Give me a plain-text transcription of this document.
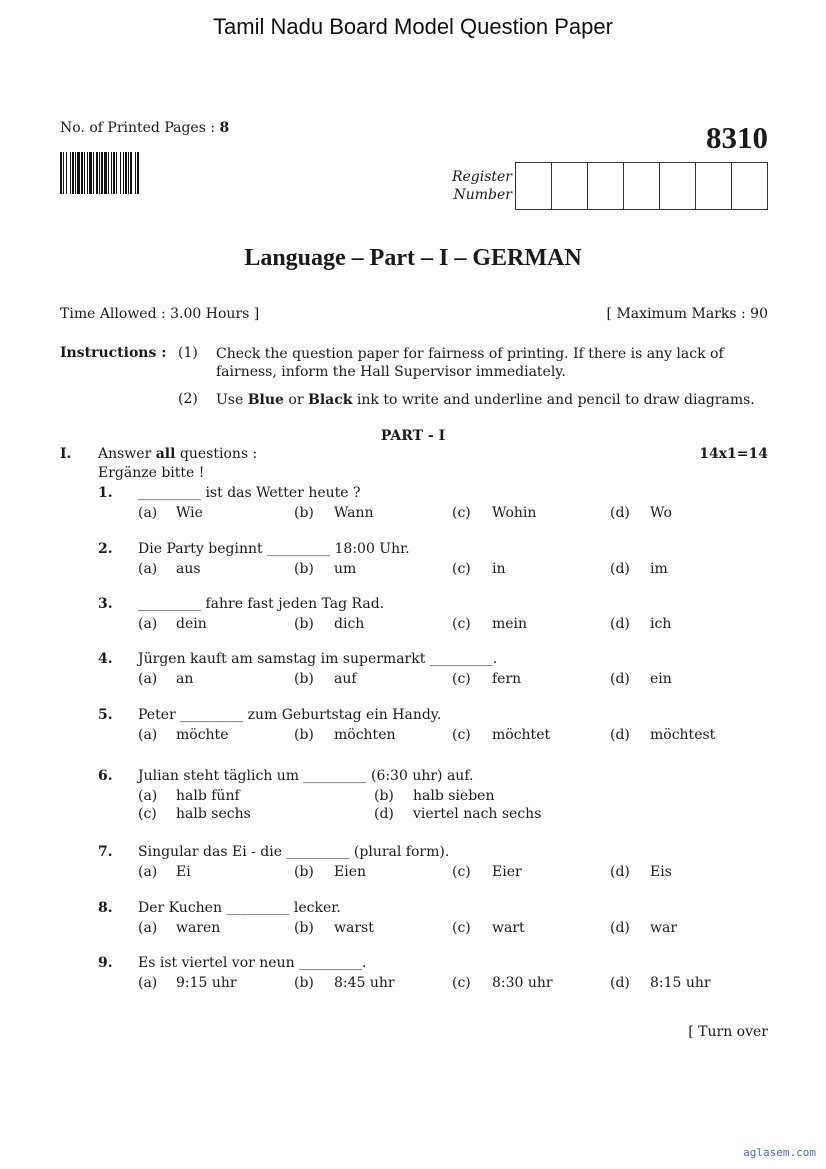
Tamil Nadu Board Model Question Paper
No. of Printed Pages : 8	8310
Register
Number
Language – Part – I – GERMAN
Time Allowed : 3.00 Hours ]	[ Maximum Marks : 90
Instructions : (1) Check the question paper for fairness of printing. If there is any lack of fairness, inform the Hall Supervisor immediately.
(2) Use Blue or Black ink to write and underline and pencil to draw diagrams.
PART - I
I. Answer all questions :	14x1=14
Ergänze bitte !
1. _________ ist das Wetter heute ?
(a) Wie	(b) Wann	(c) Wohin	(d) Wo
2. Die Party beginnt _________ 18:00 Uhr.
(a) aus	(b) um	(c) in	(d) im
3. _________ fahre fast jeden Tag Rad.
(a) dein	(b) dich	(c) mein	(d) ich
4. Jürgen kauft am samstag im supermarkt _________.
(a) an	(b) auf	(c) fern	(d) ein
5. Peter _________ zum Geburtstag ein Handy.
(a) möchte	(b) möchten	(c) möchtet	(d) möchtest
6. Julian steht täglich um _________ (6:30 uhr) auf.
(a) halb fünf	(b) halb sieben
(c) halb sechs	(d) viertel nach sechs
7. Singular das Ei - die _________ (plural form).
(a) Ei	(b) Eien	(c) Eier	(d) Eis
8. Der Kuchen _________ lecker.
(a) waren	(b) warst	(c) wart	(d) war
9. Es ist viertel vor neun _________.
(a) 9:15 uhr	(b) 8:45 uhr	(c) 8:30 uhr	(d) 8:15 uhr
[ Turn over
aglasem.com
